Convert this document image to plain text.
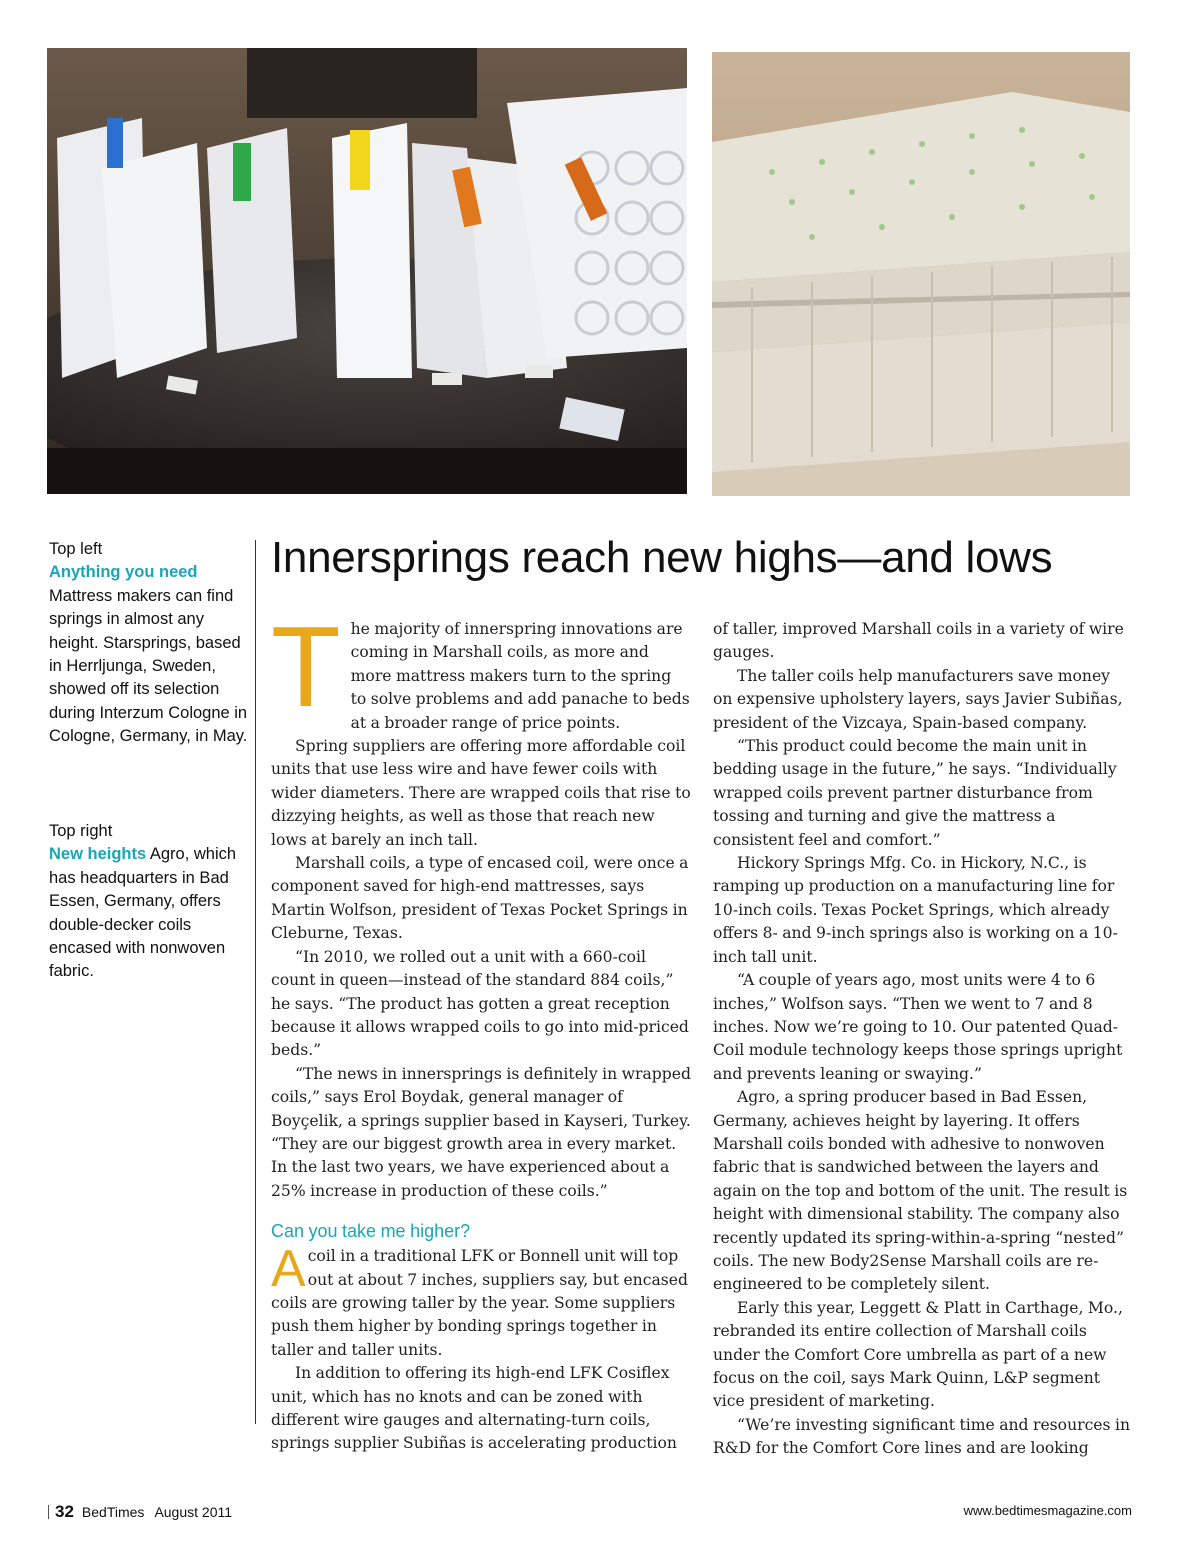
Top left
Anything you need
Mattress makers can find springs in almost any height. Starsprings, based in Herrljunga, Sweden, showed off its selection during Interzum Cologne in Cologne, Germany, in May.
Top right
New heights Agro, which has headquarters in Bad Essen, Germany, offers double-decker coils encased with nonwoven fabric.
Innersprings reach new highs—and lows

The majority of innerspring innovations are coming in Marshall coils, as more and more mattress makers turn to the spring to solve problems and add panache to beds at a broader range of price points.

Spring suppliers are offering more affordable coil units that use less wire and have fewer coils with wider diameters. There are wrapped coils that rise to dizzying heights, as well as those that reach new lows at barely an inch tall.

Marshall coils, a type of encased coil, were once a component saved for high-end mattresses, says Martin Wolfson, president of Texas Pocket Springs in Cleburne, Texas.

“In 2010, we rolled out a unit with a 660-coil count in queen—instead of the standard 884 coils,” he says. “The product has gotten a great reception because it allows wrapped coils to go into mid-priced beds.”

“The news in innersprings is definitely in wrapped coils,” says Erol Boydak, general manager of Boyçelik, a springs supplier based in Kayseri, Turkey. “They are our biggest growth area in every market. In the last two years, we have experienced about a 25% increase in production of these coils.”

Can you take me higher?

A coil in a traditional LFK or Bonnell unit will top out at about 7 inches, suppliers say, but encased coils are growing taller by the year. Some suppliers push them higher by bonding springs together in taller and taller units.

In addition to offering its high-end LFK Cosiflex unit, which has no knots and can be zoned with different wire gauges and alternating-turn coils, springs supplier Subiñas is accelerating production

of taller, improved Marshall coils in a variety of wire gauges.

The taller coils help manufacturers save money on expensive upholstery layers, says Javier Subiñas, president of the Vizcaya, Spain-based company.

“This product could become the main unit in bedding usage in the future,” he says. “Individually wrapped coils prevent partner disturbance from tossing and turning and give the mattress a consistent feel and comfort.”

Hickory Springs Mfg. Co. in Hickory, N.C., is ramping up production on a manufacturing line for 10-inch coils. Texas Pocket Springs, which already offers 8- and 9-inch springs also is working on a 10-inch tall unit.

“A couple of years ago, most units were 4 to 6 inches,” Wolfson says. “Then we went to 7 and 8 inches. Now we’re going to 10. Our patented Quad-Coil module technology keeps those springs upright and prevents leaning or swaying.”

Agro, a spring producer based in Bad Essen, Germany, achieves height by layering. It offers Marshall coils bonded with adhesive to nonwoven fabric that is sandwiched between the layers and again on the top and bottom of the unit. The result is height with dimensional stability. The company also recently updated its spring-within-a-spring “nested” coils. The new Body2Sense Marshall coils are re-engineered to be completely silent.

Early this year, Leggett & Platt in Carthage, Mo., rebranded its entire collection of Marshall coils under the Comfort Core umbrella as part of a new focus on the coil, says Mark Quinn, L&P segment vice president of marketing.

“We’re investing significant time and resources in R&D for the Comfort Core lines and are looking

32 BedTimes August 2011	www.bedtimesmagazine.com
